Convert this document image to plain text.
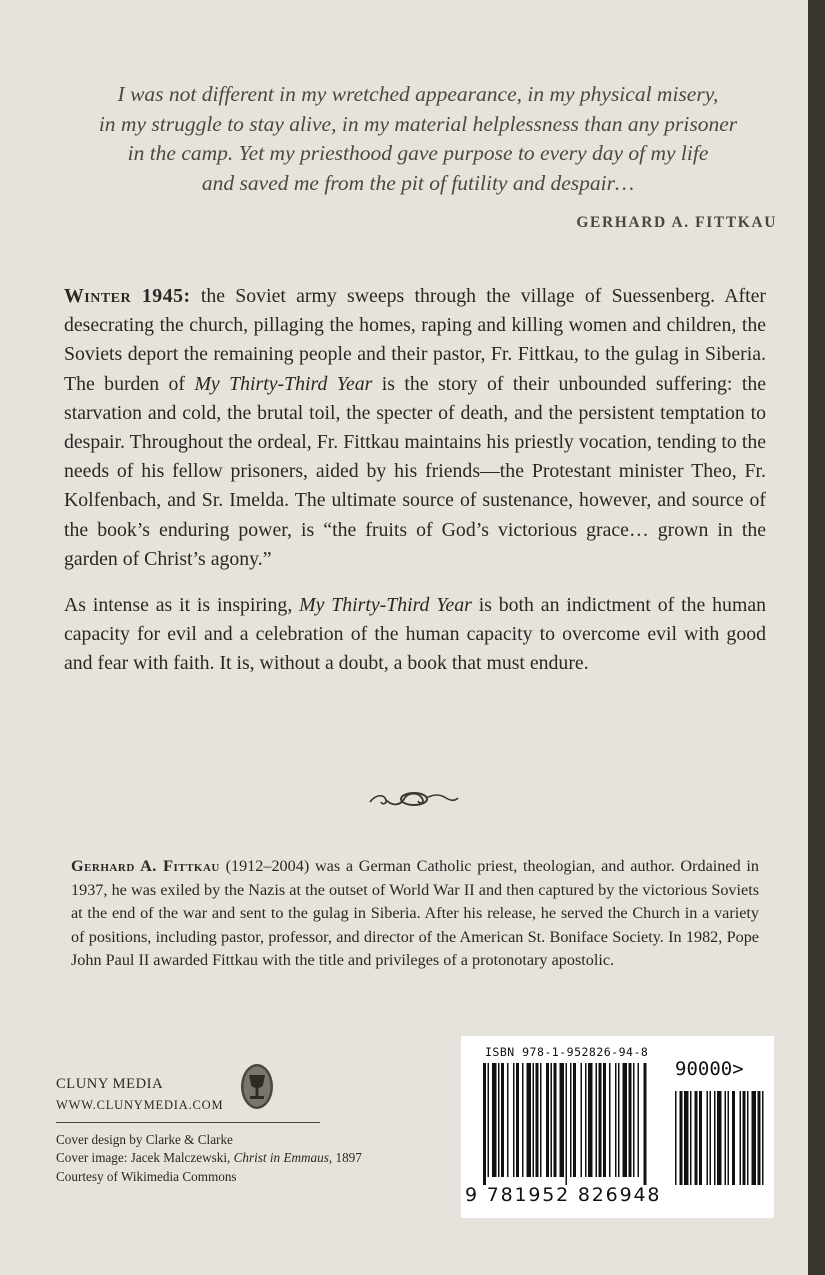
I was not different in my wretched appearance, in my physical misery,
in my struggle to stay alive, in my material helplessness than any prisoner
in the camp. Yet my priesthood gave purpose to every day of my life
and saved me from the pit of futility and despair…
GERHARD A. FITTKAU

Winter 1945: the Soviet army sweeps through the village of Suessenberg. After desecrating the church, pillaging the homes, raping and killing women and children, the Soviets deport the remaining people and their pastor, Fr. Fittkau, to the gulag in Siberia. The burden of My Thirty-Third Year is the story of their unbounded suffering: the starvation and cold, the brutal toil, the specter of death, and the persistent temptation to despair. Throughout the ordeal, Fr. Fittkau maintains his priestly vocation, tending to the needs of his fellow prisoners, aided by his friends—the Protestant minister Theo, Fr. Kolfenbach, and Sr. Imelda. The ultimate source of sustenance, however, and source of the book’s enduring power, is “the fruits of God’s victorious grace… grown in the garden of Christ’s agony.”

As intense as it is inspiring, My Thirty-Third Year is both an indictment of the human capacity for evil and a celebration of the human capacity to overcome evil with good and fear with faith. It is, without a doubt, a book that must endure.

Gerhard A. Fittkau (1912–2004) was a German Catholic priest, theologian, and author. Ordained in 1937, he was exiled by the Nazis at the outset of World War II and then captured by the victorious Soviets at the end of the war and sent to the gulag in Siberia. After his release, he served the Church in a variety of positions, including pastor, professor, and director of the American St. Boniface Society. In 1982, Pope John Paul II awarded Fittkau with the title and privileges of a protonotary apostolic.
CLUNY MEDIA
WWW.CLUNYMEDIA.COM
Cover design by Clarke & Clarke
Cover image: Jacek Malczewski, Christ in Emmaus, 1897
Courtesy of Wikimedia Commons
ISBN 978-1-952826-94-8
90000>
9 781952 826948
